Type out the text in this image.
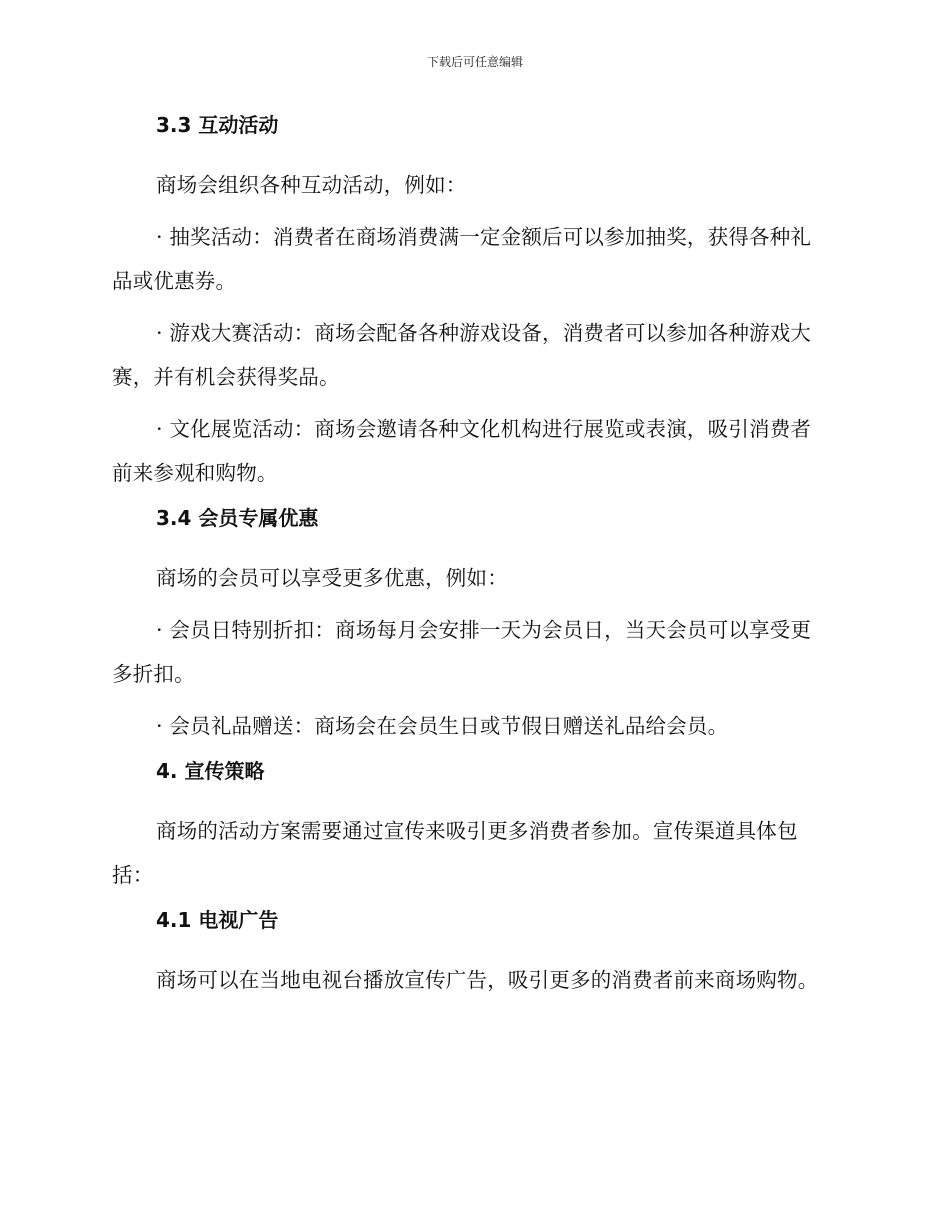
下载后可任意编辑
3.3 互动活动

商场会组织各种互动活动，例如：

· 抽奖活动：消费者在商场消费满一定金额后可以参加抽奖，获得各种礼品或优惠券。

· 游戏大赛活动：商场会配备各种游戏设备，消费者可以参加各种游戏大赛，并有机会获得奖品。

· 文化展览活动：商场会邀请各种文化机构进行展览或表演，吸引消费者前来参观和购物。

3.4 会员专属优惠

商场的会员可以享受更多优惠，例如：

· 会员日特别折扣：商场每月会安排一天为会员日，当天会员可以享受更多折扣。

· 会员礼品赠送：商场会在会员生日或节假日赠送礼品给会员。

4. 宣传策略

商场的活动方案需要通过宣传来吸引更多消费者参加。宣传渠道具体包括：

4.1 电视广告

商场可以在当地电视台播放宣传广告，吸引更多的消费者前来商场购物。
